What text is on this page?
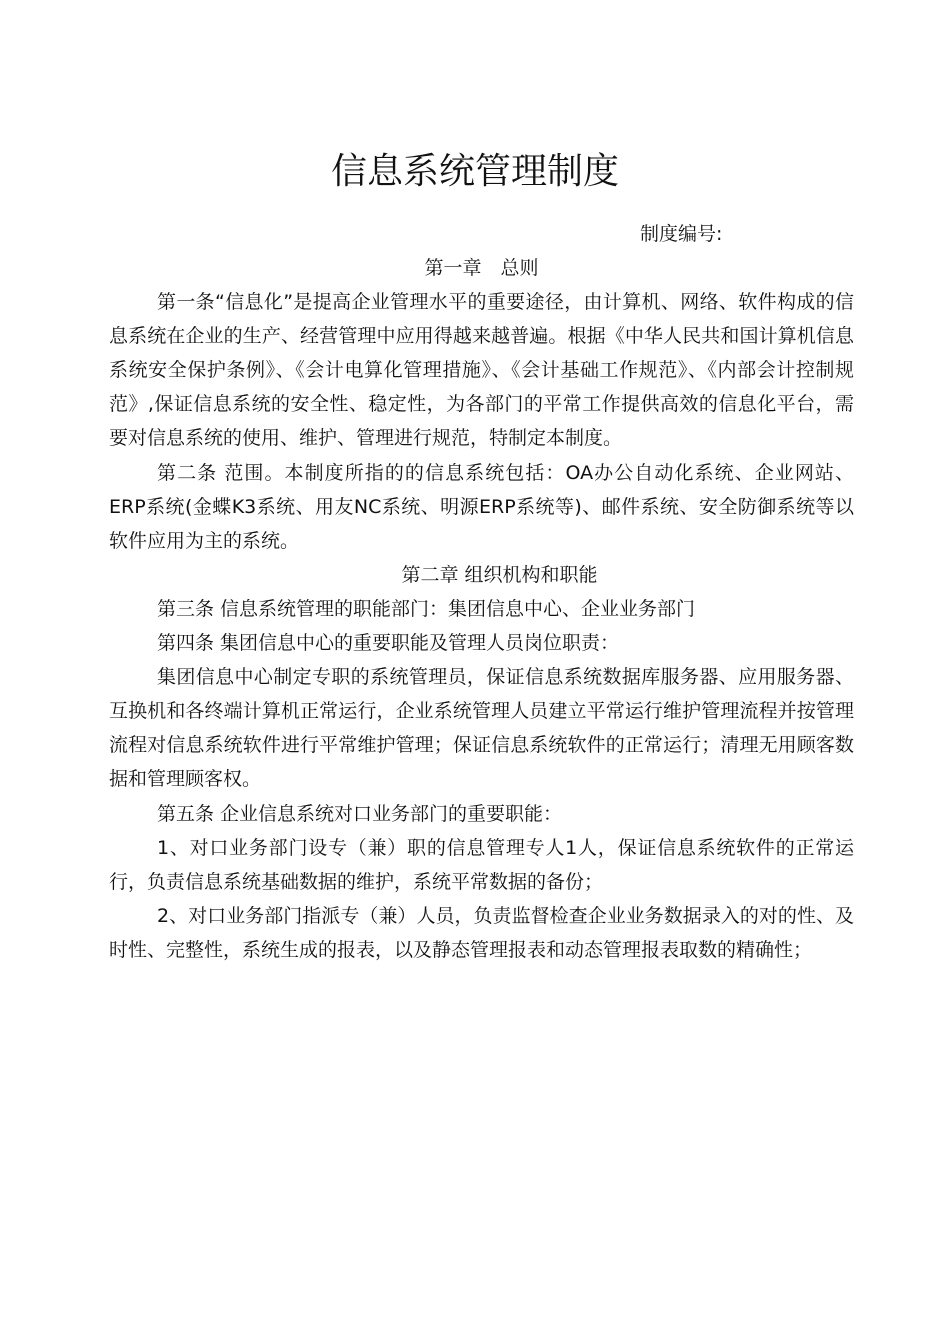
信息系统管理制度
制度编号:

第一章　总则

第一条“信息化”是提高企业管理水平的重要途径，由计算机、网络、软件构成的信息系统在企业的生产、经营管理中应用得越来越普遍。根据《中华人民共和国计算机信息系统安全保护条例》、《会计电算化管理措施》、《会计基础工作规范》、《内部会计控制规范》,保证信息系统的安全性、稳定性，为各部门的平常工作提供高效的信息化平台，需要对信息系统的使用、维护、管理进行规范，特制定本制度。

第二条 范围。本制度所指的的信息系统包括：OA办公自动化系统、企业网站、ERP系统(金蝶K3系统、用友NC系统、明源ERP系统等)、邮件系统、安全防御系统等以软件应用为主的系统。

第二章 组织机构和职能

第三条 信息系统管理的职能部门：集团信息中心、企业业务部门

第四条 集团信息中心的重要职能及管理人员岗位职责：

集团信息中心制定专职的系统管理员，保证信息系统数据库服务器、应用服务器、互换机和各终端计算机正常运行，企业系统管理人员建立平常运行维护管理流程并按管理流程对信息系统软件进行平常维护管理；保证信息系统软件的正常运行；清理无用顾客数据和管理顾客权。

第五条 企业信息系统对口业务部门的重要职能：

1、对口业务部门设专（兼）职的信息管理专人1人，保证信息系统软件的正常运行，负责信息系统基础数据的维护，系统平常数据的备份；

2、对口业务部门指派专（兼）人员，负责监督检查企业业务数据录入的对的性、及时性、完整性，系统生成的报表，以及静态管理报表和动态管理报表取数的精确性；
